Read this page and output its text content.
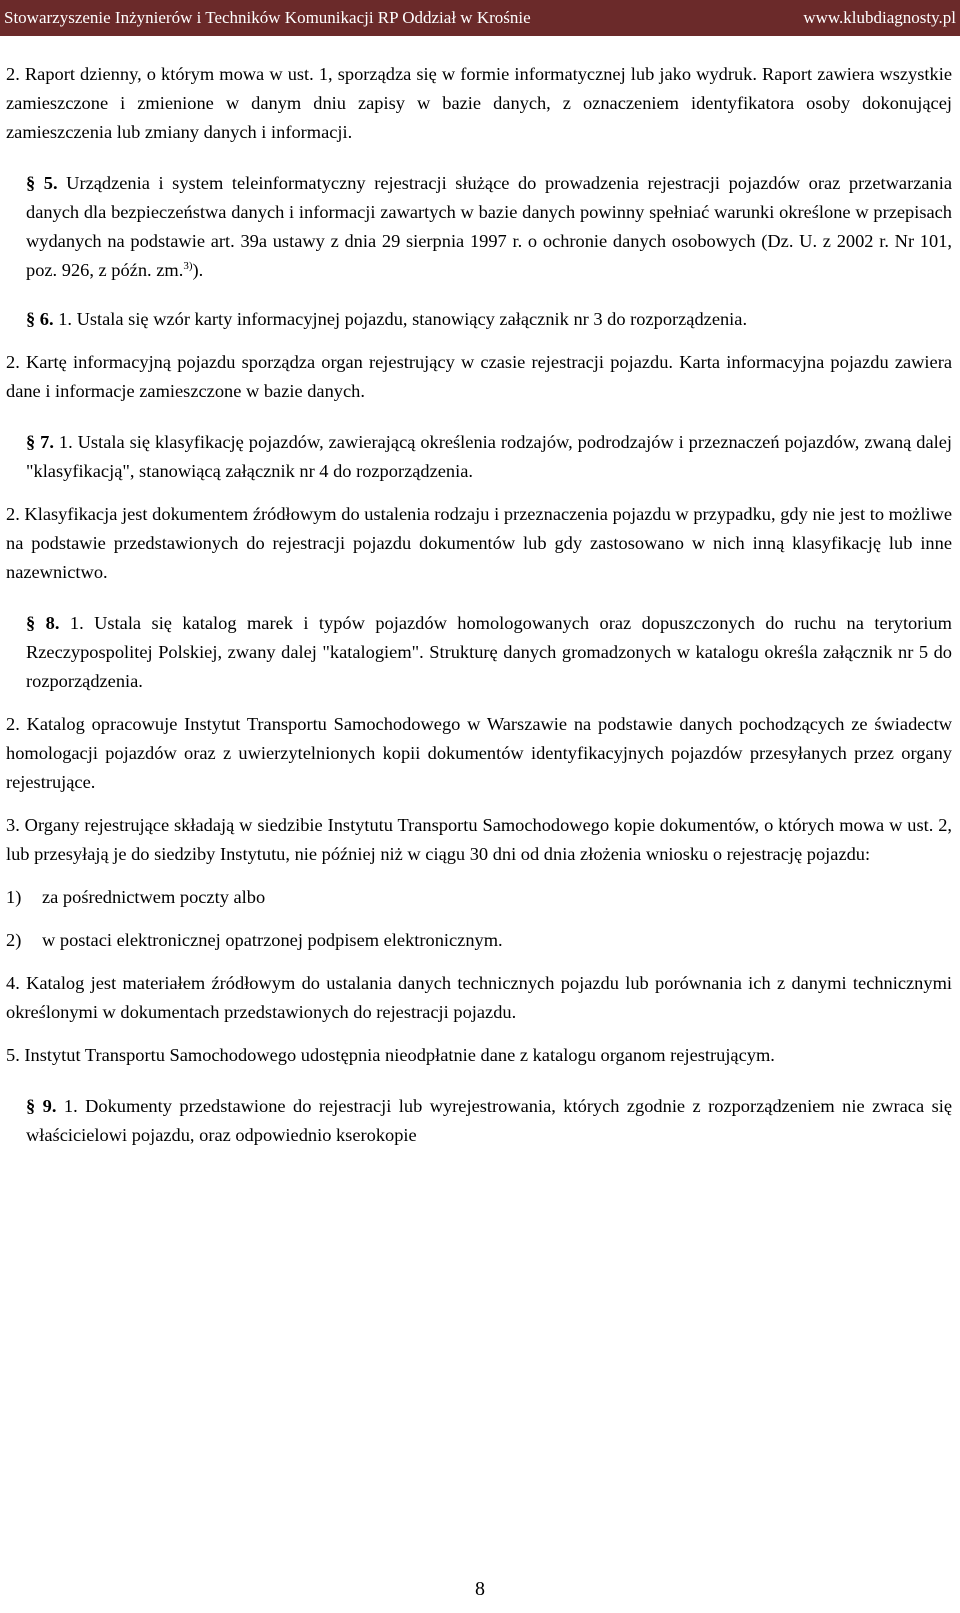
Stowarzyszenie Inżynierów i Techników Komunikacji RP Oddział w Krośnie	www.klubdiagnosty.pl

2. Raport dzienny, o którym mowa w ust. 1, sporządza się w formie informatycznej lub jako wydruk. Raport zawiera wszystkie zamieszczone i zmienione w danym dniu zapisy w bazie danych, z oznaczeniem identyfikatora osoby dokonującej zamieszczenia lub zmiany danych i informacji.

§ 5. Urządzenia i system teleinformatyczny rejestracji służące do prowadzenia rejestracji pojazdów oraz przetwarzania danych dla bezpieczeństwa danych i informacji zawartych w bazie danych powinny spełniać warunki określone w przepisach wydanych na podstawie art. 39a ustawy z dnia 29 sierpnia 1997 r. o ochronie danych osobowych (Dz. U. z 2002 r. Nr 101, poz. 926, z późn. zm.$^{3)}$).

§ 6. 1. Ustala się wzór karty informacyjnej pojazdu, stanowiący załącznik nr 3 do rozporządzenia.

2. Kartę informacyjną pojazdu sporządza organ rejestrujący w czasie rejestracji pojazdu. Karta informacyjna pojazdu zawiera dane i informacje zamieszczone w bazie danych.

§ 7. 1. Ustala się klasyfikację pojazdów, zawierającą określenia rodzajów, podrodzajów i przeznaczeń pojazdów, zwaną dalej "klasyfikacją", stanowiącą załącznik nr 4 do rozporządzenia.

2. Klasyfikacja jest dokumentem źródłowym do ustalenia rodzaju i przeznaczenia pojazdu w przypadku, gdy nie jest to możliwe na podstawie przedstawionych do rejestracji pojazdu dokumentów lub gdy zastosowano w nich inną klasyfikację lub inne nazewnictwo.

§ 8. 1. Ustala się katalog marek i typów pojazdów homologowanych oraz dopuszczonych do ruchu na terytorium Rzeczypospolitej Polskiej, zwany dalej "katalogiem". Strukturę danych gromadzonych w katalogu określa załącznik nr 5 do rozporządzenia.

2. Katalog opracowuje Instytut Transportu Samochodowego w Warszawie na podstawie danych pochodzących ze świadectw homologacji pojazdów oraz z uwierzytelnionych kopii dokumentów identyfikacyjnych pojazdów przesyłanych przez organy rejestrujące.

3. Organy rejestrujące składają w siedzibie Instytutu Transportu Samochodowego kopie dokumentów, o których mowa w ust. 2, lub przesyłają je do siedziby Instytutu, nie później niż w ciągu 30 dni od dnia złożenia wniosku o rejestrację pojazdu:

1)	za pośrednictwem poczty albo
2)	w postaci elektronicznej opatrzonej podpisem elektronicznym.

4. Katalog jest materiałem źródłowym do ustalania danych technicznych pojazdu lub porównania ich z danymi technicznymi określonymi w dokumentach przedstawionych do rejestracji pojazdu.

5. Instytut Transportu Samochodowego udostępnia nieodpłatnie dane z katalogu organom rejestrującym.

§ 9. 1. Dokumenty przedstawione do rejestracji lub wyrejestrowania, których zgodnie z rozporządzeniem nie zwraca się właścicielowi pojazdu, oraz odpowiednio kserokopie

8
